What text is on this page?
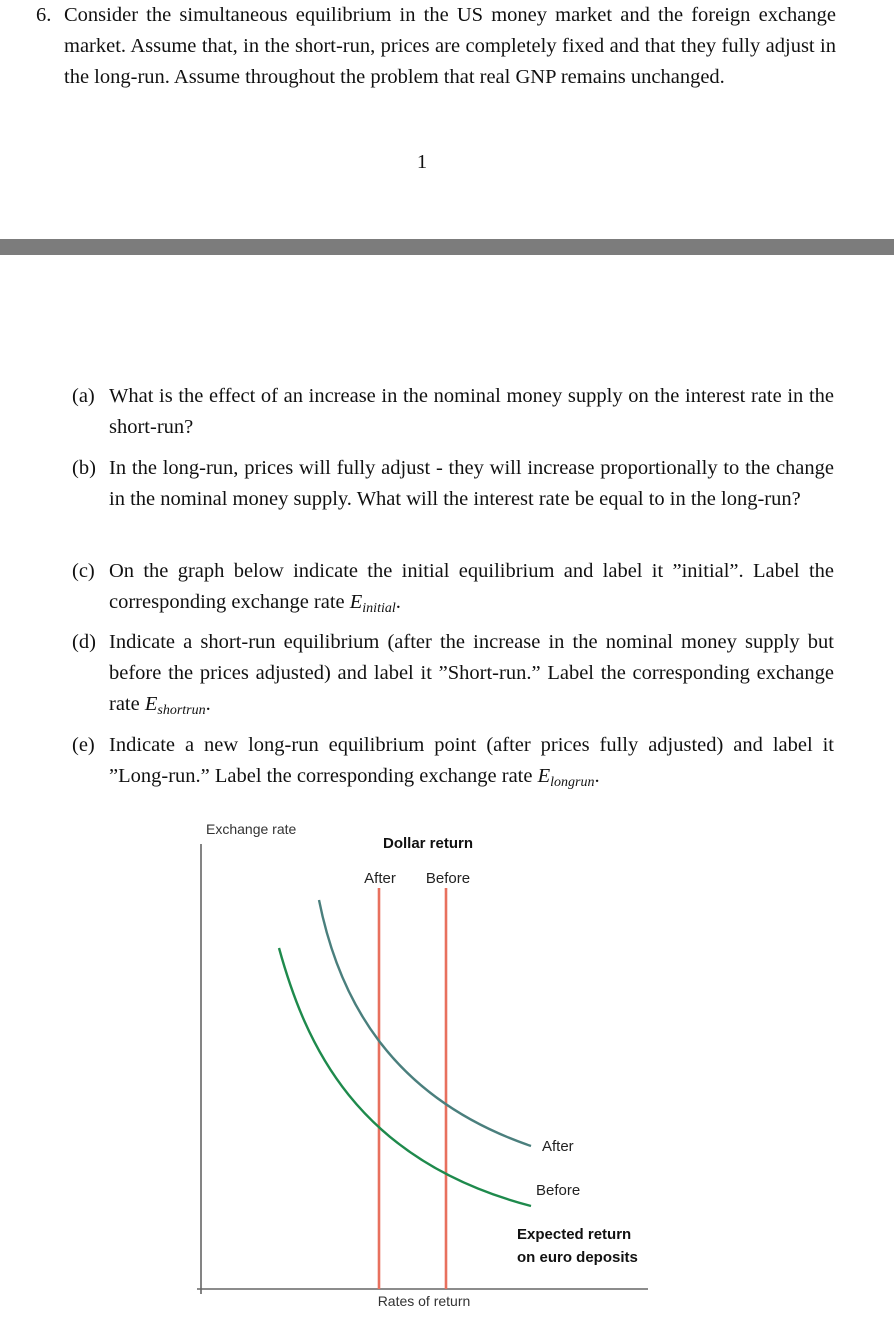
6. Consider the simultaneous equilibrium in the US money market and the foreign exchange market. Assume that, in the short-run, prices are completely fixed and that they fully adjust in the long-run. Assume throughout the problem that real GNP remains unchanged.
1
(a) What is the effect of an increase in the nominal money supply on the interest rate in the short-run?
(b) In the long-run, prices will fully adjust - they will increase proportionally to the change in the nominal money supply. What will the interest rate be equal to in the long-run?
(c) On the graph below indicate the initial equilibrium and label it ”initial”. Label the corresponding exchange rate $E_{initial}$.
(d) Indicate a short-run equilibrium (after the increase in the nominal money supply but before the prices adjusted) and label it ”Short-run.” Label the corresponding exchange rate $E_{shortrun}$.
(e) Indicate a new long-run equilibrium point (after prices fully adjusted) and label it ”Long-run.” Label the corresponding exchange rate $E_{longrun}$.
Exchange rate
Rates of return
Dollar return
After Before
After
Before
Expected return on euro deposits
